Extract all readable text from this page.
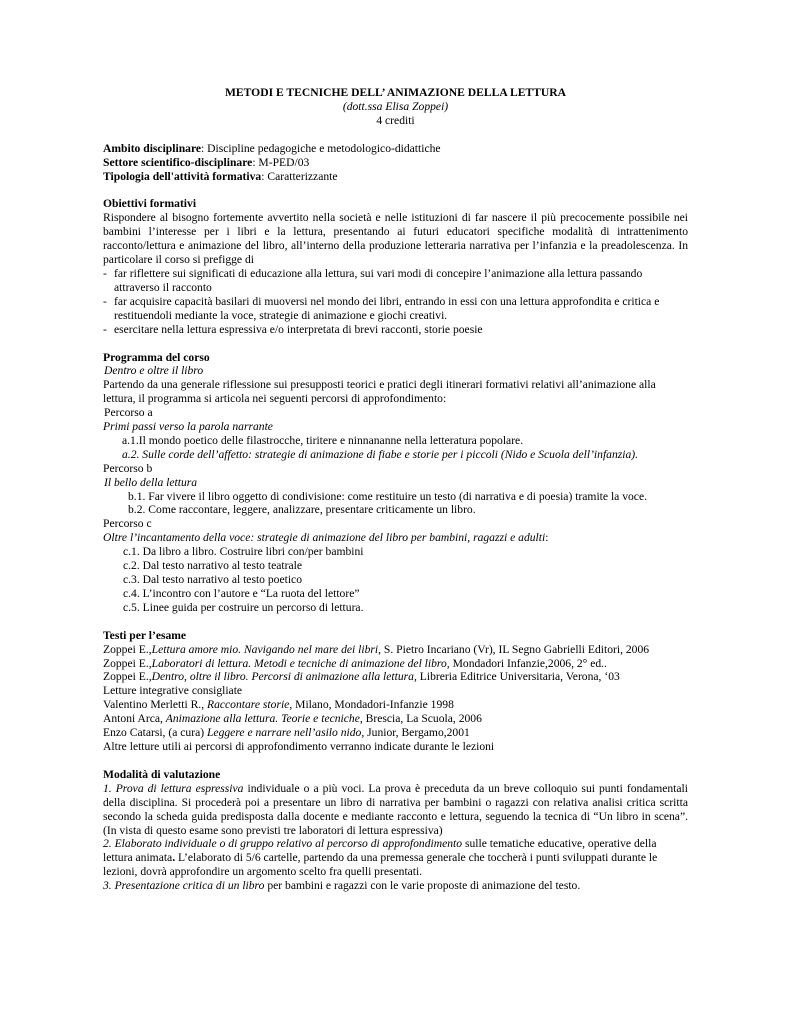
METODI E TECNICHE DELL’ ANIMAZIONE DELLA LETTURA
(dott.ssa Elisa Zoppei)
4 crediti
Ambito disciplinare: Discipline pedagogiche e metodologico-didattiche
Settore scientifico-disciplinare: M-PED/03
Tipologia dell'attività formativa: Caratterizzante
Obiettivi formativi
Rispondere al bisogno fortemente avvertito nella società e nelle istituzioni di far nascere il più precocemente possibile nei bambini l’interesse per i libri e la lettura, presentando ai futuri educatori specifiche modalità di intrattenimento racconto/lettura e animazione del libro, all’interno della produzione letteraria narrativa per l’infanzia e la preadolescenza. In particolare il corso si prefigge di
- far riflettere sui significati di educazione alla lettura, sui vari modi di concepire l’animazione alla lettura passando attraverso il racconto
- far acquisire capacità basilari di muoversi nel mondo dei libri, entrando in essi con una lettura approfondita e critica e restituendoli mediante la voce, strategie di animazione e giochi creativi.
- esercitare nella lettura espressiva e/o interpretata di brevi racconti, storie poesie
Programma del corso
Dentro e oltre il libro
Partendo da una generale riflessione sui presupposti teorici e pratici degli itinerari formativi relativi all’animazione alla lettura, il programma si articola nei seguenti percorsi di approfondimento:
Percorso a
Primi passi verso la parola narrante
a.1.Il mondo poetico delle filastrocche, tiritere e ninnananne nella letteratura popolare.
a.2. Sulle corde dell’affetto: strategie di animazione di fiabe e storie per i piccoli (Nido e Scuola dell’infanzia).
Percorso b
Il bello della lettura
b.1. Far vivere il libro oggetto di condivisione: come restituire un testo (di narrativa e di poesia) tramite la voce.
b.2. Come raccontare, leggere, analizzare, presentare criticamente un libro.
Percorso c
Oltre l’incantamento della voce: strategie di animazione del libro per bambini, ragazzi e adulti:
c.1. Da libro a libro. Costruire libri con/per bambini
c.2. Dal testo narrativo al testo teatrale
c.3. Dal testo narrativo al testo poetico
c.4. L’incontro con l’autore e “La ruota del lettore”
c.5. Linee guida per costruire un percorso di lettura.
Testi per l’esame
Zoppei E.,Lettura amore mio. Navigando nel mare dei libri, S. Pietro Incariano (Vr), IL Segno Gabrielli Editori, 2006
Zoppei E.,Laboratori di lettura. Metodi e tecniche di animazione del libro, Mondadori Infanzie,2006, 2° ed..
Zoppei E.,Dentro, oltre il libro. Percorsi di animazione alla lettura, Libreria Editrice Universitaria, Verona, ‘03
Letture integrative consigliate
Valentino Merletti R., Raccontare storie, Milano, Mondadori-Infanzie 1998
Antoni Arca, Animazione alla lettura. Teorie e tecniche, Brescia, La Scuola, 2006
Enzo Catarsi, (a cura) Leggere e narrare nell’asilo nido, Junior, Bergamo,2001
Altre letture utili ai percorsi di approfondimento verranno indicate durante le lezioni
Modalità di valutazione
1. Prova di lettura espressiva individuale o a più voci. La prova è preceduta da un breve colloquio sui punti fondamentali della disciplina. Si procederà poi a presentare un libro di narrativa per bambini o ragazzi con relativa analisi critica scritta secondo la scheda guida predisposta dalla docente e mediante racconto e lettura, seguendo la tecnica di “Un libro in scena”. (In vista di questo esame sono previsti tre laboratori di lettura espressiva)
2. Elaborato individuale o di gruppo relativo al percorso di approfondimento sulle tematiche educative, operative della lettura animata. L’elaborato di 5/6 cartelle, partendo da una premessa generale che toccherà i punti sviluppati durante le lezioni, dovrà approfondire un argomento scelto fra quelli presentati.
3. Presentazione critica di un libro per bambini e ragazzi con le varie proposte di animazione del testo.
